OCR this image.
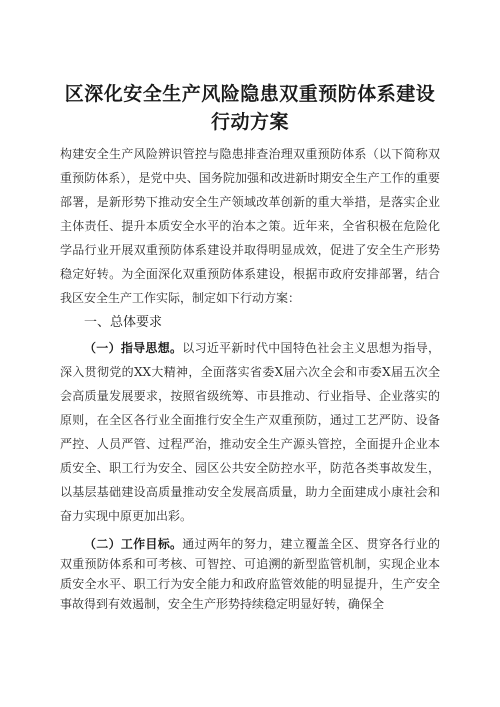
区深化安全生产风险隐患双重预防体系建设行动方案

构建安全生产风险辨识管控与隐患排查治理双重预防体系（以下简称双重预防体系），是党中央、国务院加强和改进新时期安全生产工作的重要部署，是新形势下推动安全生产领域改革创新的重大举措，是落实企业主体责任、提升本质安全水平的治本之策。近年来，全省积极在危险化学品行业开展双重预防体系建设并取得明显成效，促进了安全生产形势稳定好转。为全面深化双重预防体系建设，根据市政府安排部署，结合我区安全生产工作实际，制定如下行动方案：

一、总体要求

（一）指导思想。以习近平新时代中国特色社会主义思想为指导，深入贯彻党的XX大精神，全面落实省委X届六次全会和市委X届五次全会高质量发展要求，按照省级统筹、市县推动、行业指导、企业落实的原则，在全区各行业全面推行安全生产双重预防，通过工艺严防、设备严控、人员严管、过程严治，推动安全生产源头管控，全面提升企业本质安全、职工行为安全、园区公共安全防控水平，防范各类事故发生，以基层基础建设高质量推动安全发展高质量，助力全面建成小康社会和奋力实现中原更加出彩。

（二）工作目标。通过两年的努力，建立覆盖全区、贯穿各行业的双重预防体系和可考核、可智控、可追溯的新型监管机制，实现企业本质安全水平、职工行为安全能力和政府监管效能的明显提升，生产安全事故得到有效遏制，安全生产形势持续稳定明显好转，确保全
